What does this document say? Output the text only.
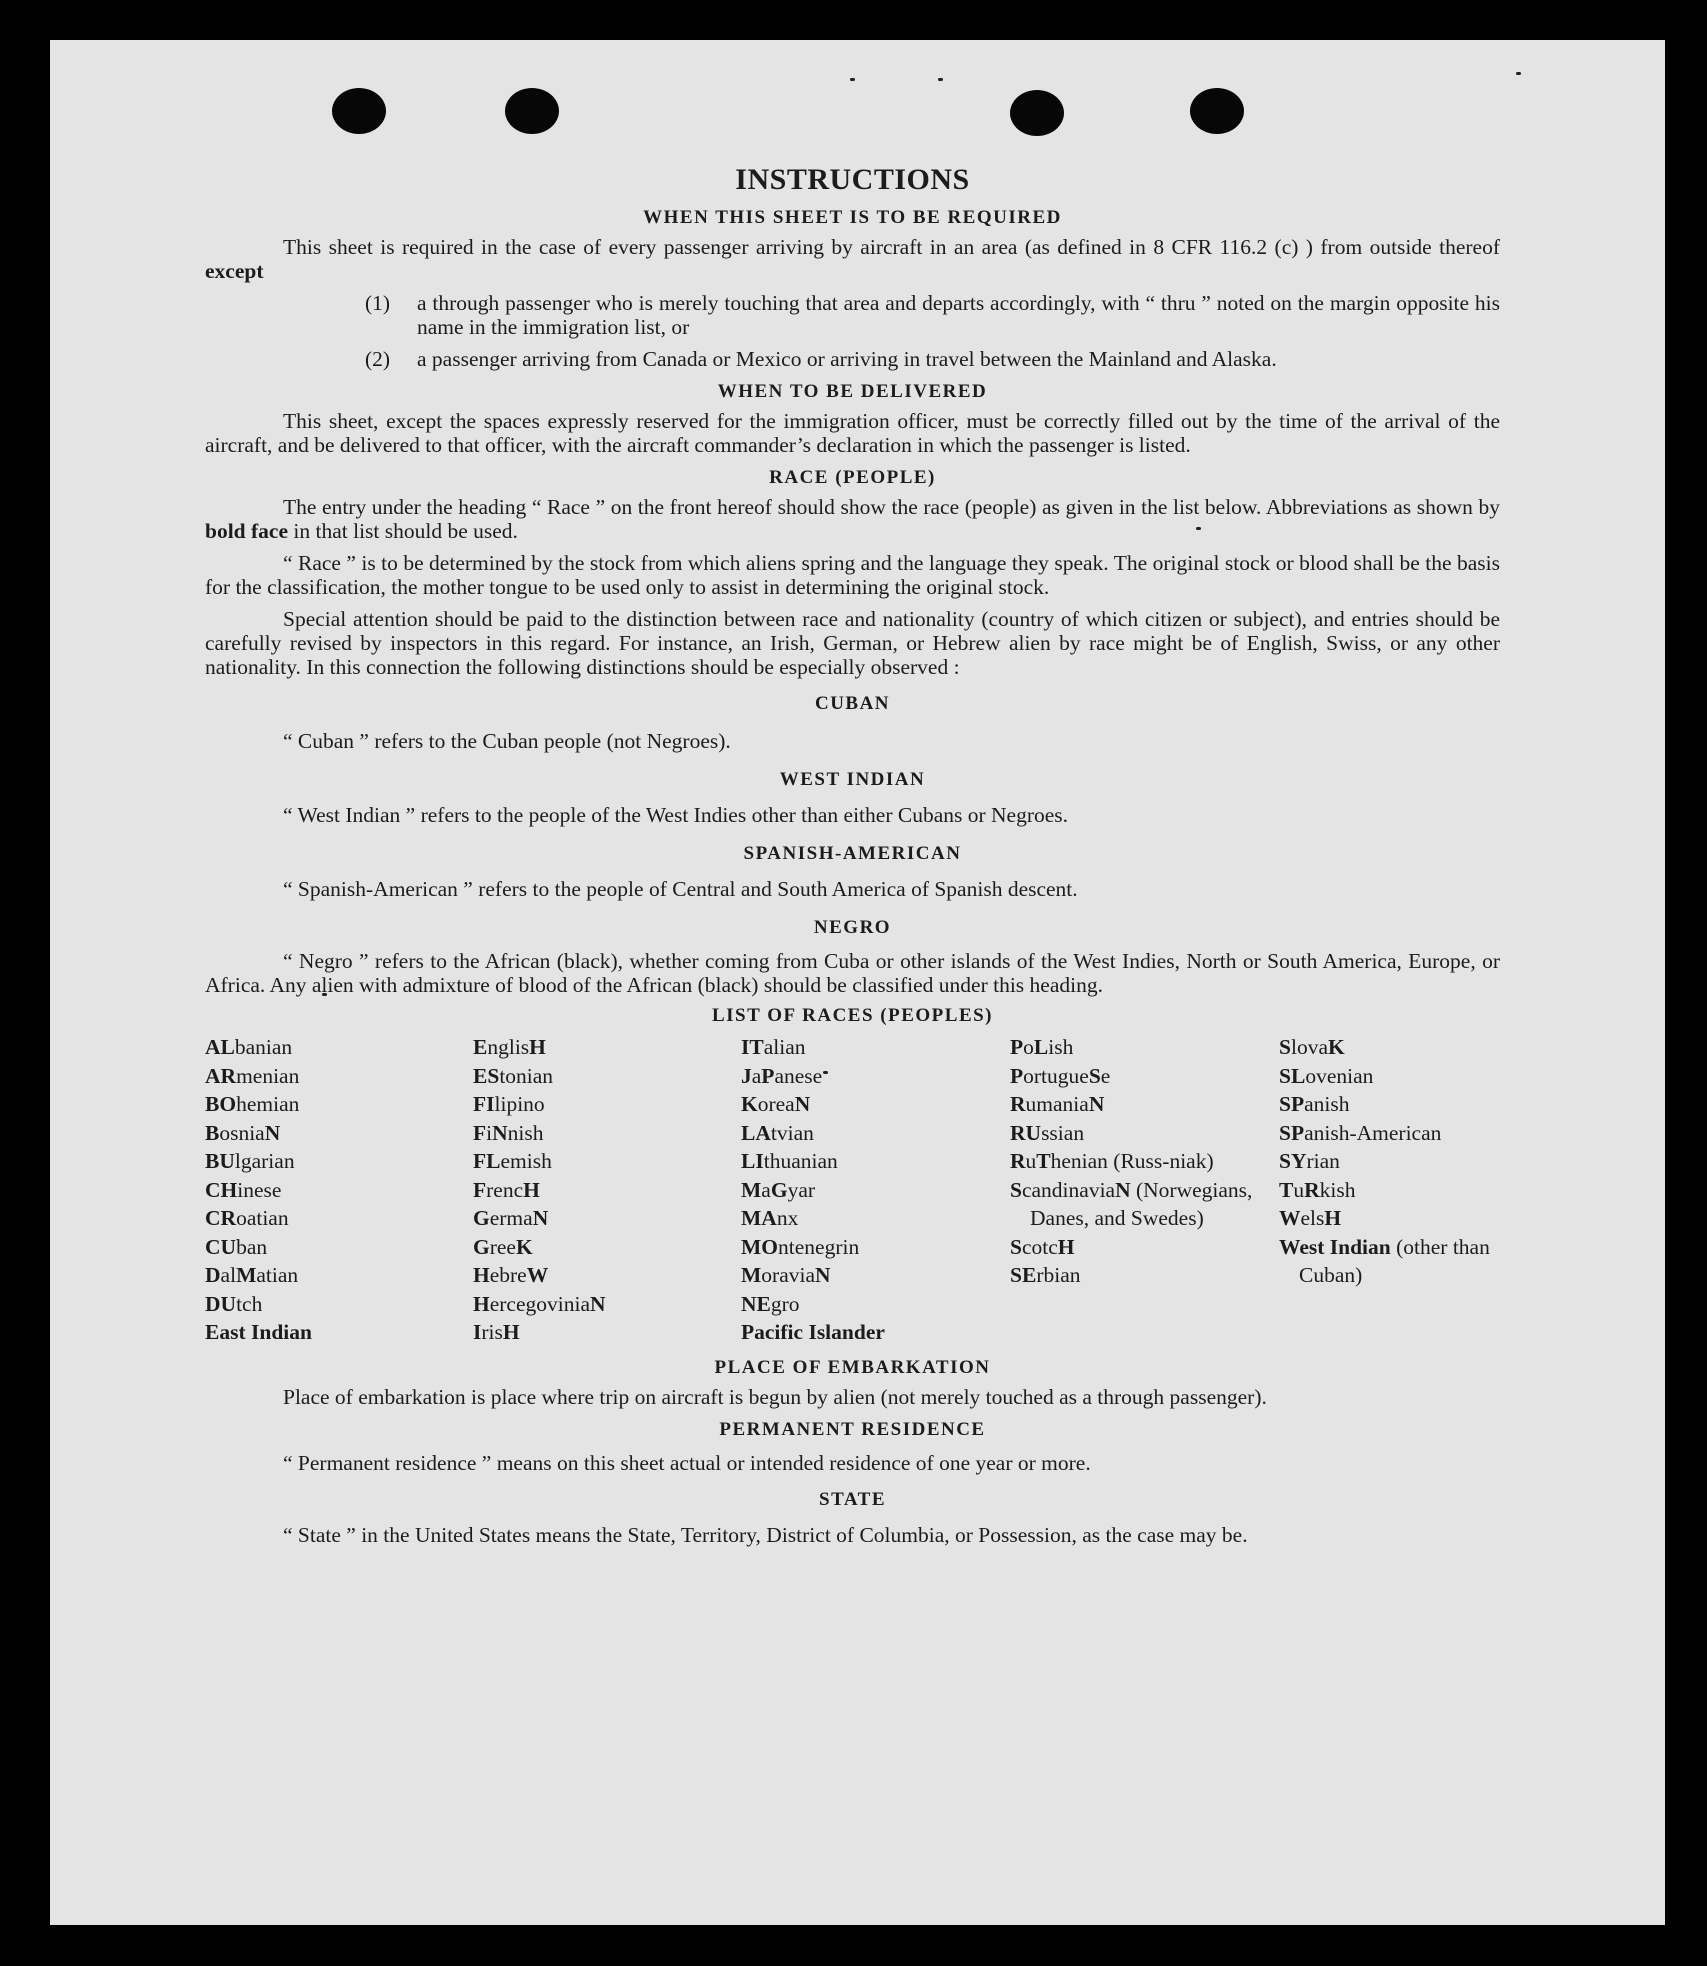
INSTRUCTIONS
WHEN THIS SHEET IS TO BE REQUIRED

This sheet is required in the case of every passenger arriving by aircraft in an area (as defined in 8 CFR 116.2 (c) ) from outside thereof except

(1)	a through passenger who is merely touching that area and departs accordingly, with “ thru ” noted on the margin opposite his name in the immigration list, or
(2)	a passenger arriving from Canada or Mexico or arriving in travel between the Mainland and Alaska.
WHEN TO BE DELIVERED

This sheet, except the spaces expressly reserved for the immigration officer, must be correctly filled out by the time of the arrival of the aircraft, and be delivered to that officer, with the aircraft commander’s declaration in which the passenger is listed.

RACE (PEOPLE)

The entry under the heading “ Race ” on the front hereof should show the race (people) as given in the list below. Abbreviations as shown by bold face in that list should be used.

“ Race ” is to be determined by the stock from which aliens spring and the language they speak. The original stock or blood shall be the basis for the classification, the mother tongue to be used only to assist in determining the original stock.

Special attention should be paid to the distinction between race and nationality (country of which citizen or subject), and entries should be carefully revised by inspectors in this regard. For instance, an Irish, German, or Hebrew alien by race might be of English, Swiss, or any other nationality. In this connection the following distinctions should be especially observed :

CUBAN

“ Cuban ” refers to the Cuban people (not Negroes).

WEST INDIAN

“ West Indian ” refers to the people of the West Indies other than either Cubans or Negroes.

SPANISH-AMERICAN

“ Spanish-American ” refers to the people of Central and South America of Spanish descent.

NEGRO

“ Negro ” refers to the African (black), whether coming from Cuba or other islands of the West Indies, North or South America, Europe, or Africa. Any alien with admixture of blood of the African (black) should be classified under this heading.

LIST OF RACES (PEOPLES)
ALbanian
ARmenian
BOhemian
BosniaN
BUlgarian
CHinese
CRoatian
CUban
DalMatian
DUtch
East Indian
EnglisH
EStonian
FIlipino
FiNnish
FLemish
FrencH
GermaN
GreeK
HebreW
HercegoviniaN
IrisH
ITalian
JaPanese
KoreaN
LAtvian
LIthuanian
MaGyar
MAnx
MOntenegrin
MoraviaN
NEgro
Pacific Islander
PoLish
PortugueSe
RumaniaN
RUssian
RuThenian (Russ-niak)
ScandinaviaN (Norwegians, Danes, and Swedes)
ScotcH
SErbian
SlovaK
SLovenian
SPanish
SPanish-American
SYrian
TuRkish
WelsH
West Indian (other than Cuban)
PLACE OF EMBARKATION

Place of embarkation is place where trip on aircraft is begun by alien (not merely touched as a through passenger).

PERMANENT RESIDENCE

“ Permanent residence ” means on this sheet actual or intended residence of one year or more.

STATE

“ State ” in the United States means the State, Territory, District of Columbia, or Possession, as the case may be.
